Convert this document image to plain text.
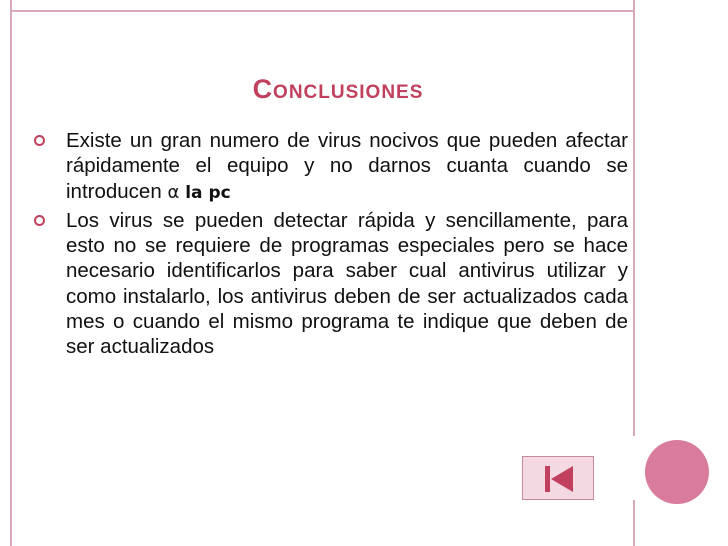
Conclusiones

Existe un gran numero de virus nocivos que pueden afectar rápidamente el equipo y no darnos cuanta cuando se introducen α la pc

Los virus se pueden detectar rápida y sencillamente, para esto no se requiere de programas especiales pero se hace necesario identificarlos para saber cual antivirus utilizar y como instalarlo, los antivirus deben de ser actualizados cada mes o cuando el mismo programa te indique que deben de ser actualizados
